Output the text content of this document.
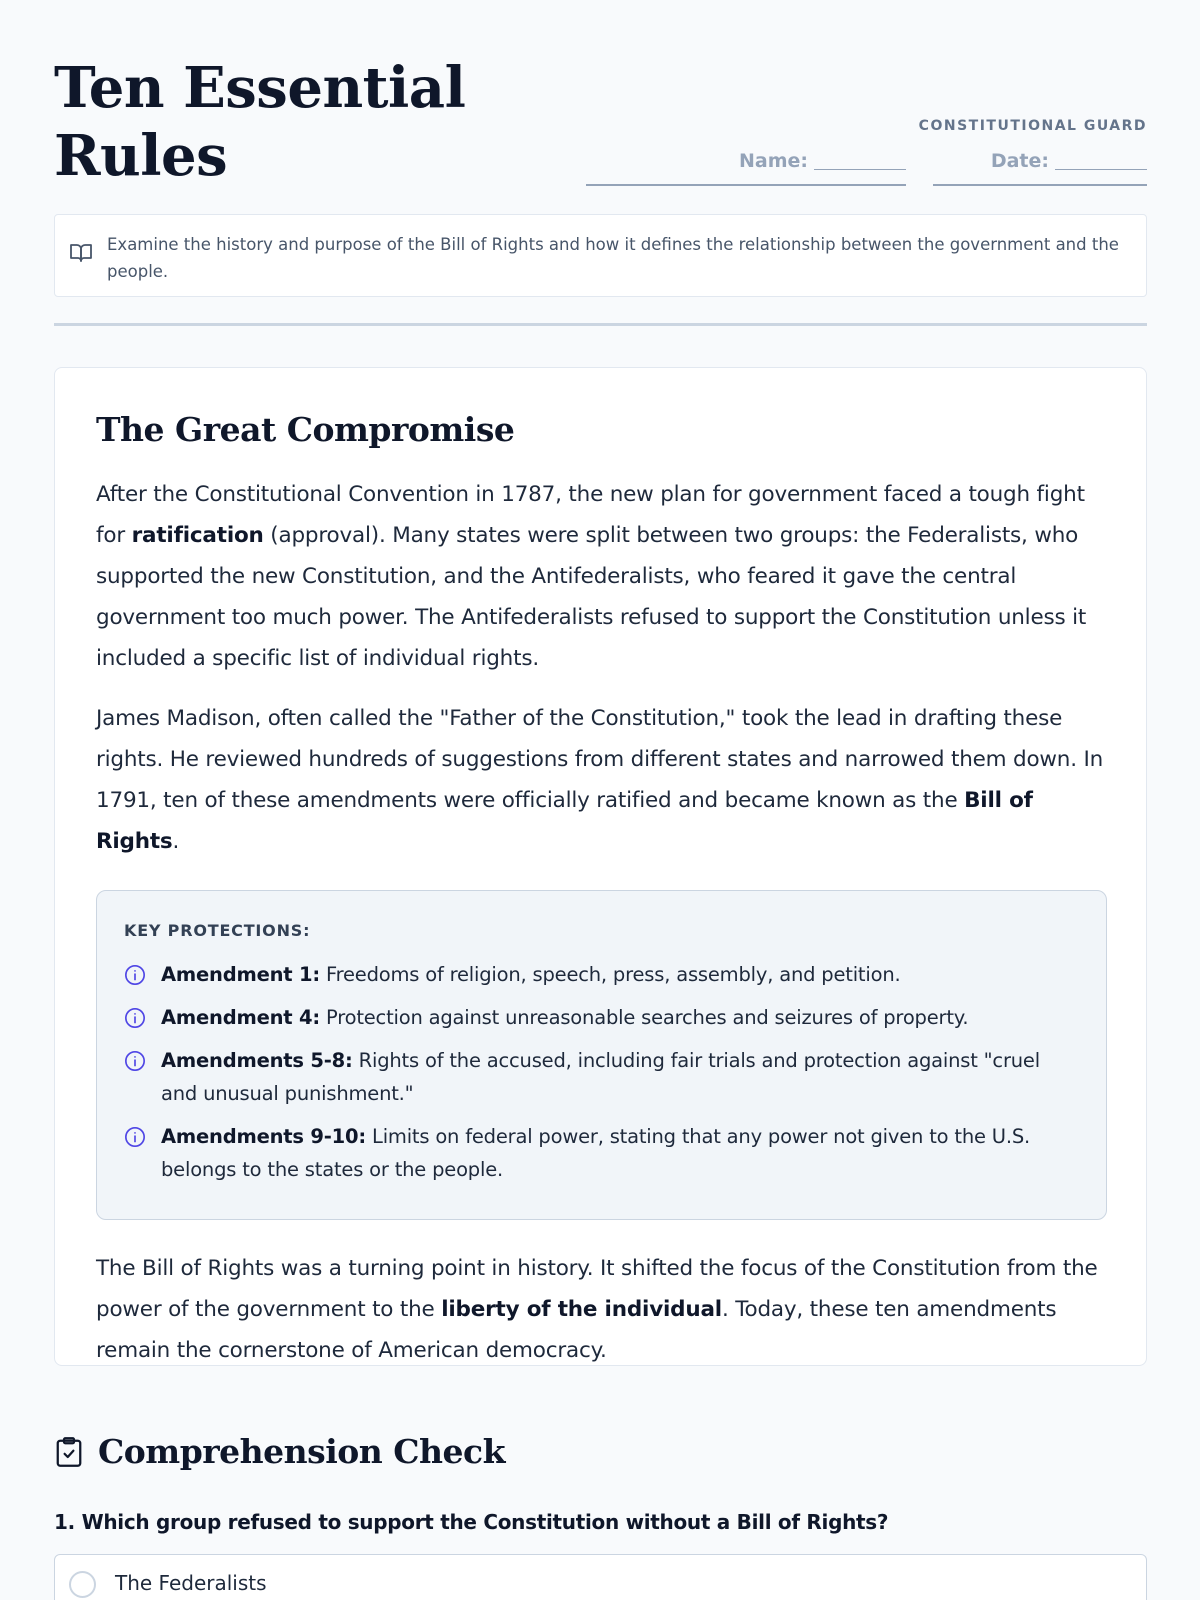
Ten Essential Rules	CONSTITUTIONAL GUARD
Name:	Date:
Examine the history and purpose of the Bill of Rights and how it defines the relationship between the government and the people.
The Great Compromise

After the Constitutional Convention in 1787, the new plan for government faced a tough fight for ratification (approval). Many states were split between two groups: the Federalists, who supported the new Constitution, and the Antifederalists, who feared it gave the central government too much power. The Antifederalists refused to support the Constitution unless it included a specific list of individual rights.

James Madison, often called the "Father of the Constitution," took the lead in drafting these rights. He reviewed hundreds of suggestions from different states and narrowed them down. In 1791, ten of these amendments were officially ratified and became known as the Bill of Rights.

KEY PROTECTIONS:
Amendment 1: Freedoms of religion, speech, press, assembly, and petition.
Amendment 4: Protection against unreasonable searches and seizures of property.
Amendments 5-8: Rights of the accused, including fair trials and protection against "cruel and unusual punishment."
Amendments 9-10: Limits on federal power, stating that any power not given to the U.S. belongs to the states or the people.

The Bill of Rights was a turning point in history. It shifted the focus of the Constitution from the power of the government to the liberty of the individual. Today, these ten amendments remain the cornerstone of American democracy.

Comprehension Check
1. Which group refused to support the Constitution without a Bill of Rights?
The Federalists
